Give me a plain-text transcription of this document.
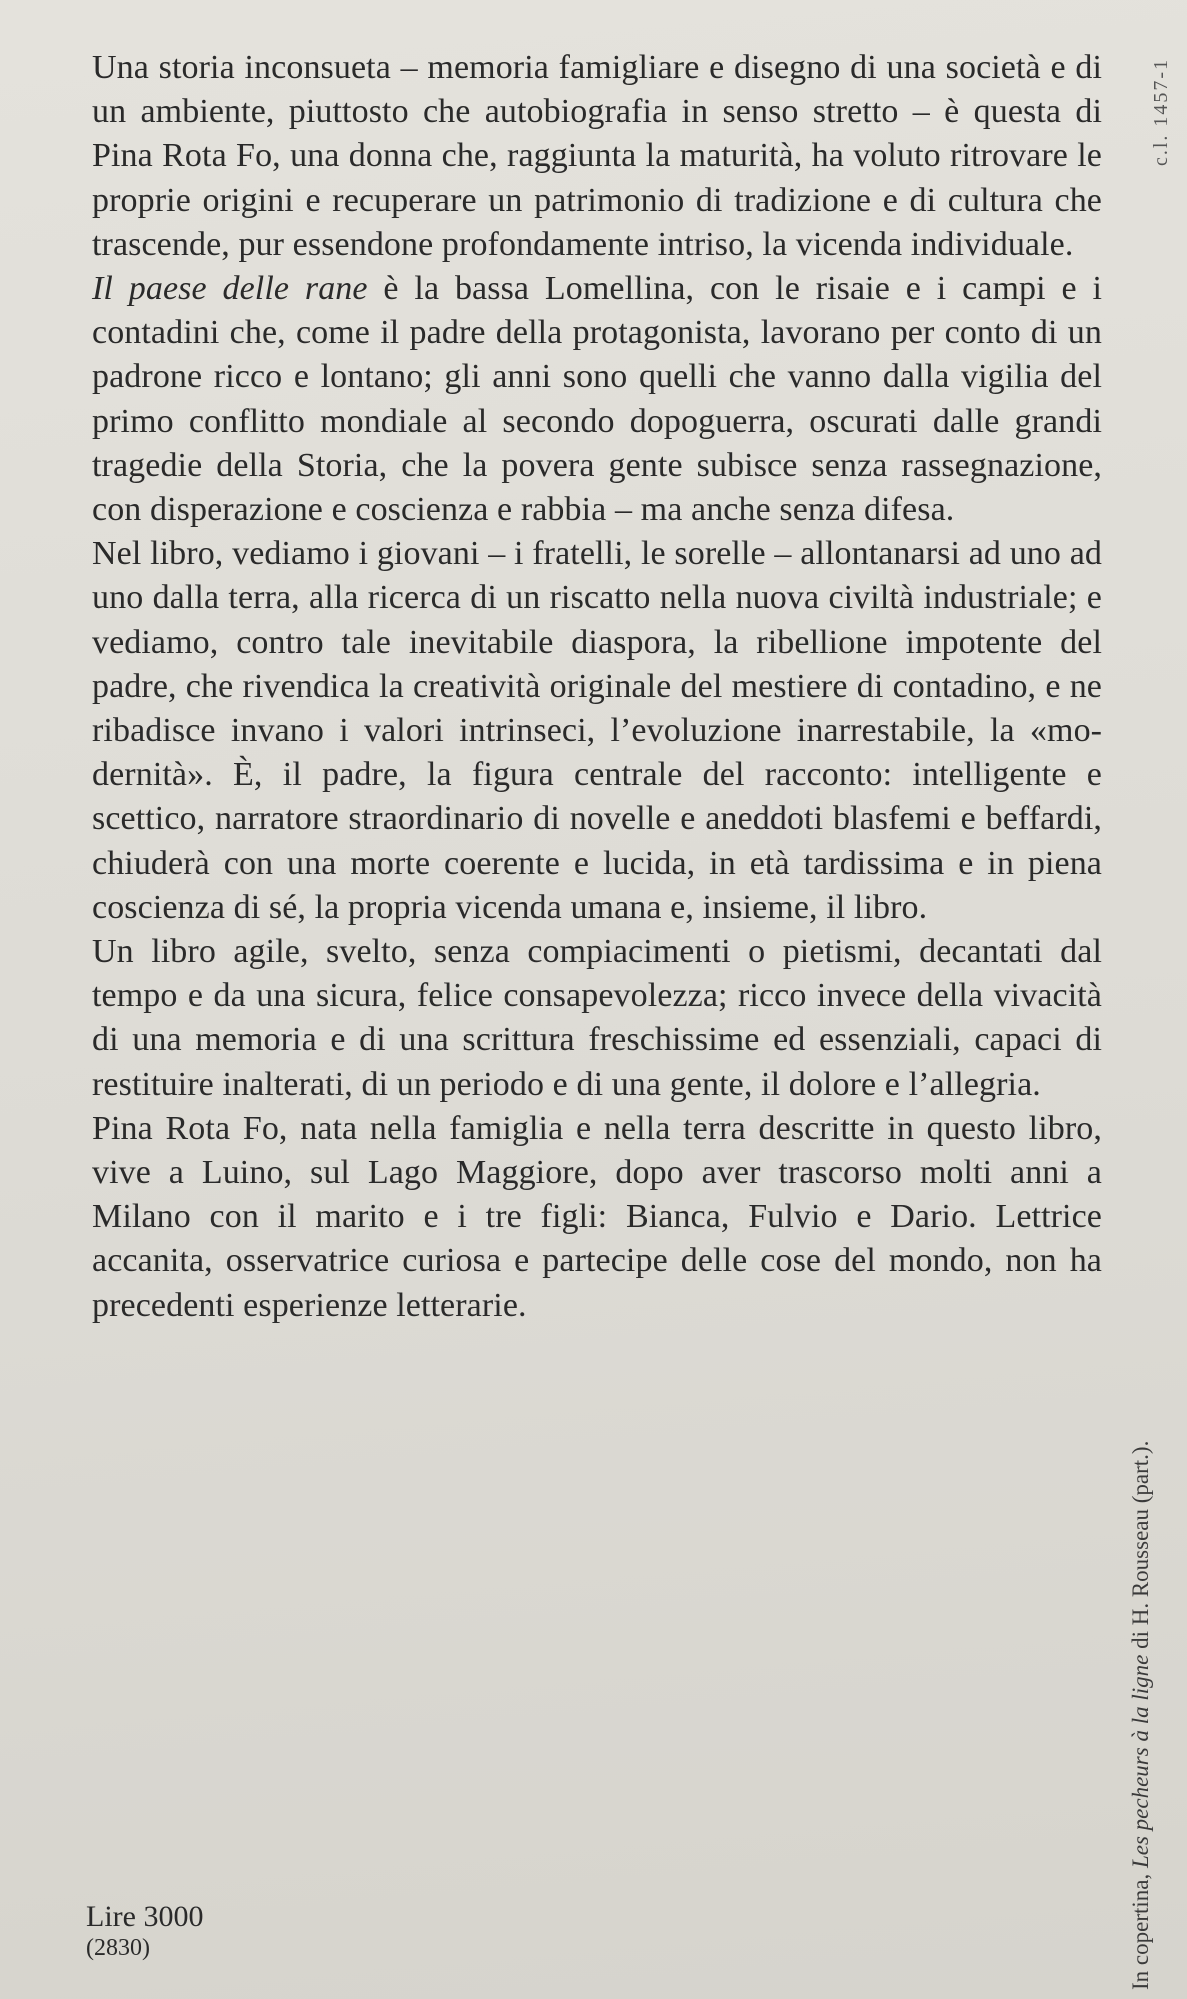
Una storia inconsueta – memoria famigliare e disegno di una società e di un ambiente, piuttosto che autobiografia in senso stretto – è questa di Pina Rota Fo, una donna che, raggiunta la maturità, ha voluto ritrovare le proprie origini e recuperare un patrimonio di tradizione e di cultura che trascende, pur essendone profondamente intriso, la vicenda individuale.

Il paese delle rane è la bassa Lomellina, con le risaie e i campi e i contadini che, come il padre della protagonista, lavorano per conto di un padrone ricco e lontano; gli anni sono quelli che vanno dalla vigilia del primo conflitto mondiale al secondo dopoguerra, oscurati dalle grandi tragedie della Storia, che la povera gente subisce senza rassegnazione, con disperazione e coscienza e rabbia – ma anche senza difesa.

Nel libro, vediamo i giovani – i fratelli, le sorelle – allontanarsi ad uno ad uno dalla terra, alla ricerca di un riscatto nella nuova civiltà industriale; e vediamo, contro tale inevitabile diaspora, la ribellione impotente del padre, che rivendica la creatività originale del mestiere di contadino, e ne ribadisce invano i valori intrinseci, l’evoluzione inarrestabile, la «modernità». È, il padre, la figura centrale del racconto: intelligente e scettico, narratore straordinario di novelle e aneddoti blasfemi e beffardi, chiuderà con una morte coerente e lucida, in età tardissima e in piena coscienza di sé, la propria vicenda umana e, insieme, il libro.

Un libro agile, svelto, senza compiacimenti o pietismi, decantati dal tempo e da una sicura, felice consapevolezza; ricco invece della vivacità di una memoria e di una scrittura freschissime ed essenziali, capaci di restituire inalterati, di un periodo e di una gente, il dolore e l’allegria.

Pina Rota Fo, nata nella famiglia e nella terra descritte in questo libro, vive a Luino, sul Lago Maggiore, dopo aver trascorso molti anni a Milano con il marito e i tre figli: Bianca, Fulvio e Dario. Lettrice accanita, osservatrice curiosa e partecipe delle cose del mondo, non ha precedenti esperienze letterarie.

Lire 3000
(2830)
c.l. 1457-1
In copertina, Les pecheurs à la ligne di H. Rousseau (part.).
